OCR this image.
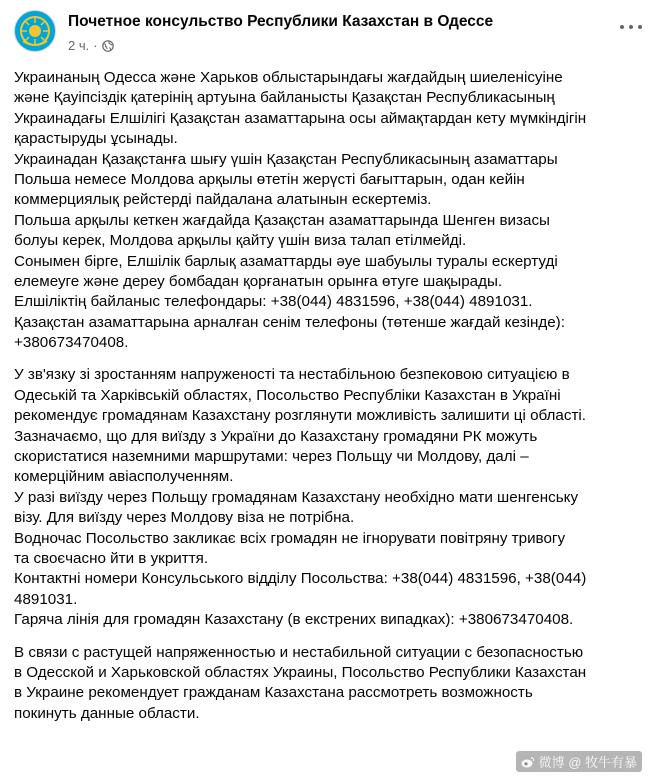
Почетное консульство Республики Казахстан в Одессе
2 ч. ·
Украинаның Одесса және Харьков облыстарындағы жағдайдың шиеленісуіне
және Қауіпсіздік қатерінің артуына байланысты Қазақстан Республикасының
Украинадағы Елшілігі Қазақстан азаматтарына осы аймақтардан кету мүмкіндігін
қарастыруды ұсынады.
Украинадан Қазақстанға шығу үшін Қазақстан Республикасының азаматтары
Польша немесе Молдова арқылы өтетін жерүсті бағыттарын, одан кейін
коммерциялық рейстерді пайдалана алатынын ескертеміз.
Польша арқылы кеткен жағдайда Қазақстан азаматтарында Шенген визасы
болуы керек, Молдова арқылы қайту үшін виза талап етілмейді.
Сонымен бірге, Елшілік барлық азаматтарды әуе шабуылы туралы ескертуді
елемеуге және дереу бомбадан қорғанатын орынға өтуге шақырады.
Елшіліктің байланыс телефондары: +38(044) 4831596, +38(044) 4891031.
Қазақстан азаматтарына арналған сенім телефоны (төтенше жағдай кезінде):
+380673470408.
У зв'язку зі зростанням напруженості та нестабільною безпековою ситуацією в
Одеській та Харківській областях, Посольство Республіки Казахстан в Україні
рекомендує громадянам Казахстану розглянути можливість залишити ці області.
Зазначаємо, що для виїзду з України до Казахстану громадяни РК можуть
скористатися наземними маршрутами: через Польщу чи Молдову, далі –
комерційним авіасполученням.
У разі виїзду через Польщу громадянам Казахстану необхідно мати шенгенську
візу. Для виїзду через Молдову віза не потрібна.
Водночас Посольство закликає всіх громадян не ігнорувати повітряну тривогу
та своєчасно йти в укриття.
Контактні номери Консульського відділу Посольства: +38(044) 4831596, +38(044)
4891031.
Гаряча лінія для громадян Казахстану (в екстрених випадках): +380673470408.
В связи с растущей напряженностью и нестабильной ситуации с безопасностью
в Одесской и Харьковской областях Украины, Посольство Республики Казахстан
в Украине рекомендует гражданам Казахстана рассмотреть возможность
покинуть данные области.
微博 @ 牧牛有暴
